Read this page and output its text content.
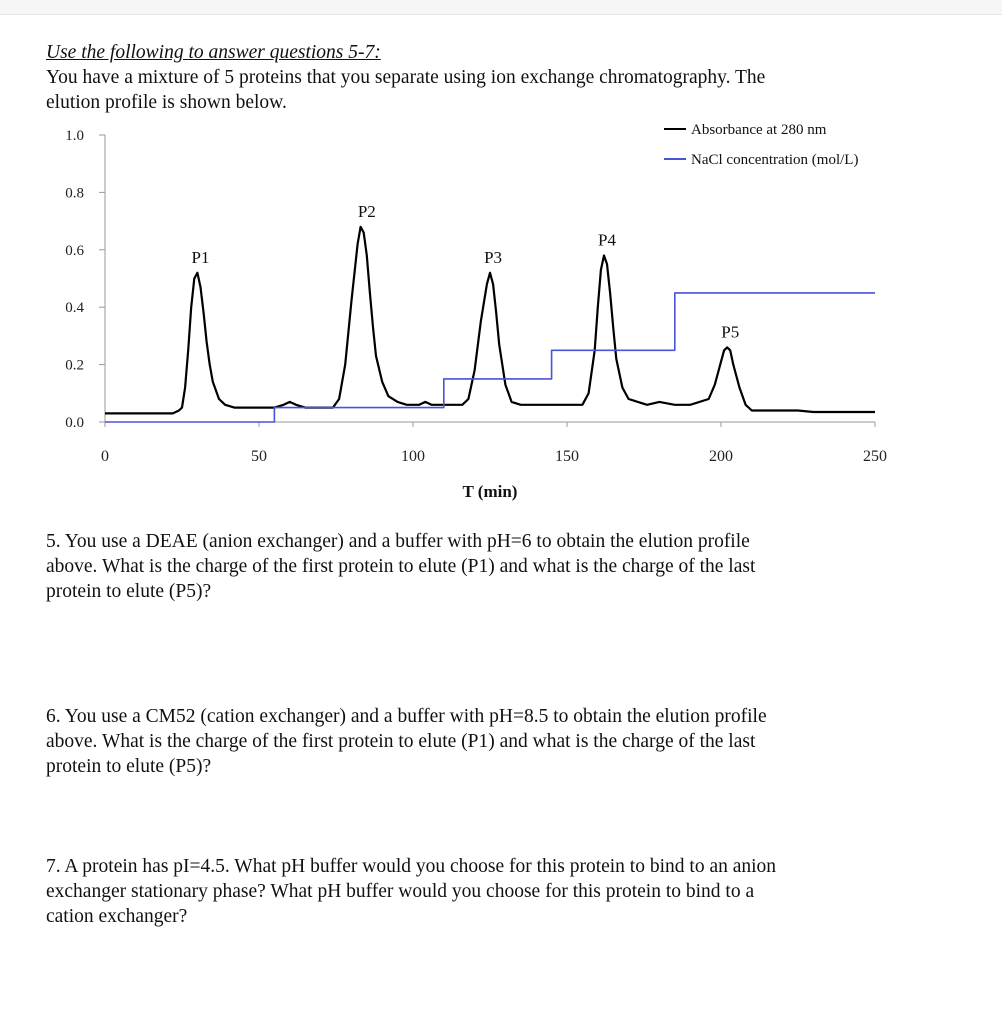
Use the following to answer questions 5-7:
You have a mixture of 5 proteins that you separate using ion exchange chromatography. The
elution profile is shown below.
0.0
0.2
0.4
0.6
0.8
1.0
0	50	100	150	200	250
T (min)
P1
P2
P3
P4
P5
Absorbance at 280 nm
NaCl concentration (mol/L)
5. You use a DEAE (anion exchanger) and a buffer with pH=6 to obtain the elution profile
above. What is the charge of the first protein to elute (P1) and what is the charge of the last
protein to elute (P5)?
6. You use a CM52 (cation exchanger) and a buffer with pH=8.5 to obtain the elution profile
above. What is the charge of the first protein to elute (P1) and what is the charge of the last
protein to elute (P5)?
7. A protein has pI=4.5. What pH buffer would you choose for this protein to bind to an anion
exchanger stationary phase? What pH buffer would you choose for this protein to bind to a
cation exchanger?
